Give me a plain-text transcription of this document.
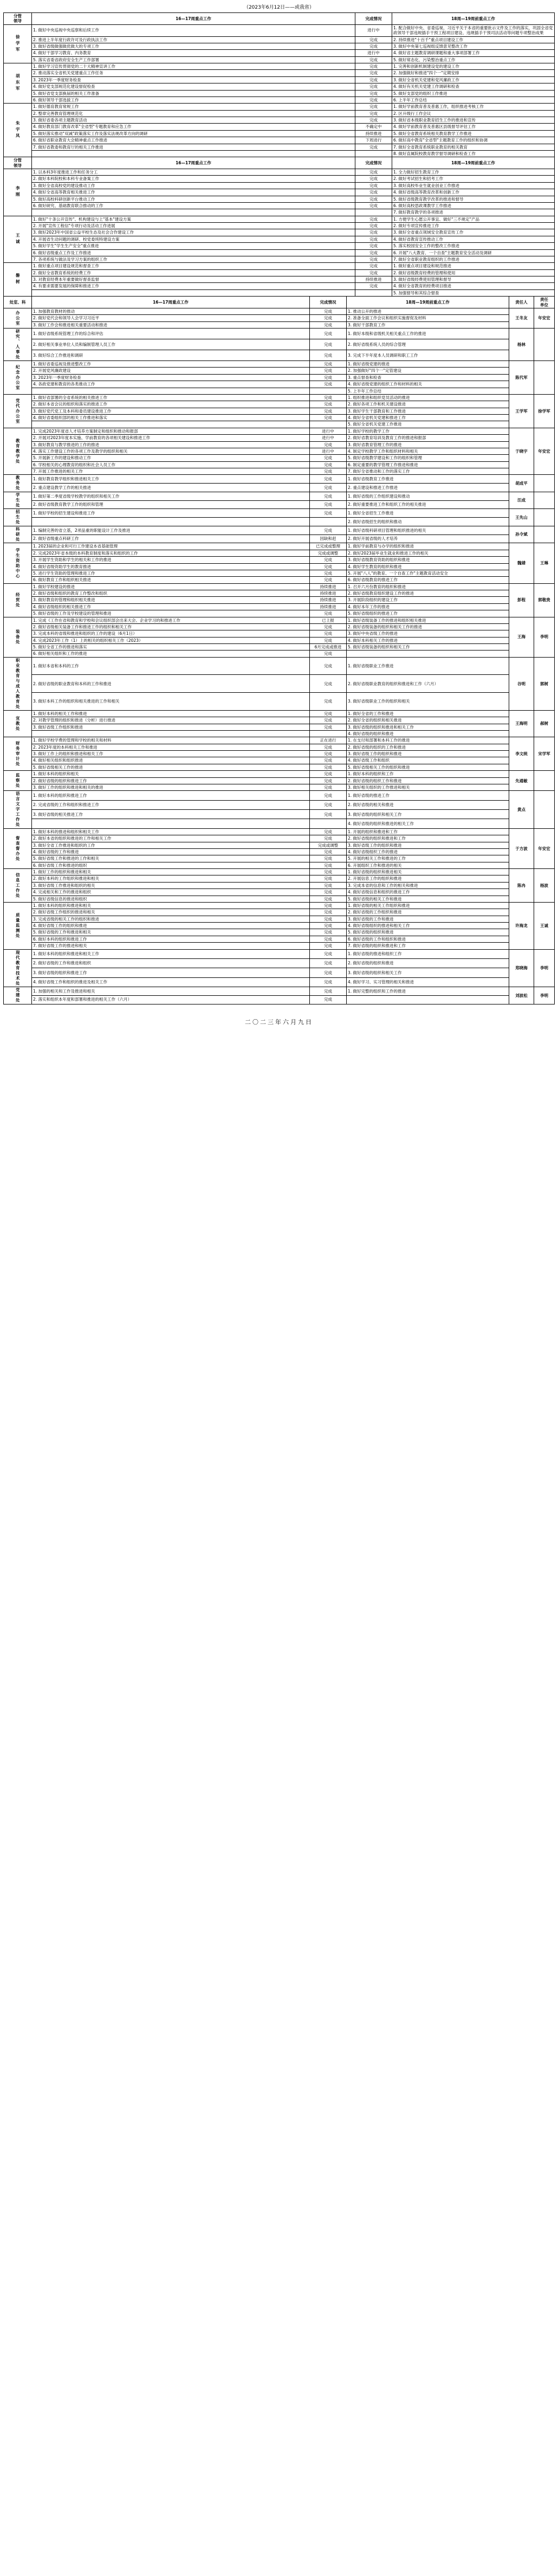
（2023年6月12日——或我省）
分管
领导	16—17周重点工作	完成情况	18周—19周前重点工作
徐学军	1. 做好中央巡视中央巡察和后续工作	进行中	1. 配合做好中央、省委巡视、习近平关于本省的重要批示文件及工作的落实，巩固全省党政领导干部违规插手干预工程项目建设、违规插手干预司法活动等问题专项整治成果
	2. 推进上半年度行政许可及行政执法工作	完成	2. 持续推进"十百千"重点项目建设工作
	3. 做好省级做强做优做大的专项工作	完成	3. 做好中央第七巡视组反馈意见整改工作
	4. 做好干部学习教育、内务教育	进行中	4. 做好省主题教育调研课题和重大事项部署工作
	5. 落实省委省政府安全生产工作部署	完成	5. 做好常态化、污染整治重点工作
胡东军	1. 做好学习宣传贯彻党的二十大精神宣讲工作	完成	1. 完善和创新机制建设党的建设工作
	2. 推动落实全省机关党建重点工作任务	完成	2. 加强做好和推进"四个一"定期安排
	3. 2023年一季度财务检查	完成	3. 做好全省机关党建和党风廉政工作
	4. 做好党支部规范化建设督促检查	完成	4. 做好有关机关党建工作调研和检查
	5. 做好省党支部换届的相关工作准备	完成	5. 做好支部党的组织工作推进
	6. 做好领导干部选拔工作	完成	6. 上半年工作总结
朱宇凤	1. 做好德育教育常规工作	完成	1. 做好学前教育普及普惠工作，组织推进考核工作
	2. 整章完善教育管理规范化	完成	2. 区升级行工作会议
	3. 做好省委各项主题教育活动	完成	3. 做好省本级职业教育招生工作的推进和宣传
	4. 做好教育部门教育改革"全省型"专题教育和应急工作	不确定中	4. 做好学前教育普及普惠区县级督导评估工作
	5. 做好落实推动"双减"政策落实工作及落实法规改革方向的调研	持续推进	5. 做好全省教育系统相关教育教学工作推进
	6. 做好省职业教育大会精神重点工作推进	下周进行	6. 做好高中教育"全省型"主题教育工作的组织和协调
	7. 做好省教委和教育厅的相关工作推进	完成	7. 做好全省教育系统职业教育的相关教育
			8. 做好直属院校教育教学督导调研和检查工作
分管
领导	16—17周重点工作	完成情况	18周—19周前重点工作
李刚	1. 以本科3年度推进工作和任务分工	完成	1. 全力做好招生教育工作
	2. 做好本科院校和本科专业备案工作	完成	2. 做好考试招生和招考工作
	3. 做好全省高校党的建设推动工作	完成	3. 做好高校毕业生就业创业工作推进
	4. 做好全省高等教育相关推进工作	完成	4. 做好省级高等教育改革和创新工作
	5. 做好高校科研创新平台推动工作	完成	5. 做好省级教育教学改革的推进和督导
	6. 做好研究、基础教育联合推动的工作	完成	6. 做好高校思政课教学工作推进
			7. 做好教育教学的各项推进
王诚	1. 做好"十条公开宣传"、机构建设与上"基本"建设方案	完成	1. 方便学生心愿公开事宜、做好"三不规定"产品
	2. 开展"宣传工程信"专项行动及活动工作进展	完成	2. 做好专项宣传推进工作
	3. 做好2023年中国省公益平校生态及社会合作建设工作	完成	3. 做好全省重点领域安全教育宣传工作
	4. 开展省生动问题的调研、校党委班特建设方案	完成	4. 做好省教育宣传推动工作
	5. 做好学生"学生生产安全"重点推进	完成	5. 落实校园安全工作的整改工作推进
	6. 做好省级重点工作及工作推进	完成	6. 开展"八大教育、一个自查"主题教育安全活动及调研
	7. 各项系统与做法及学习方案的组织工作	完成	7. 做好全省职业教育组织的工作推进
磐树	1. 做好重点项目建设规范和督查工作	完成	1. 做好重点项目建设和规范推进
	2. 做好全省教育系统的经费工作	完成	2. 做好省级教育经费的管理和使用
	3. 对教育经费本年重要做好督查监督	持续推进	3. 做好省级经费使用管理和督导
	4. 有要求需要发展的保障和推进工作	完成	4. 做好全省教育的经费项目推进
			5. 加强督导和其综合督查
处室、科	16—17周重点工作	完成情况	18周—19周前重点工作	责任人	责任
单位
办公室	1. 加强教育教材的推动	完成	1. 推动公开的推进	王冬友	年安宏
	2. 做好党代会和领导人会学习习近平	完成	2. 准备全面工作会议和组织实施督促及材料		
	3. 做好工作会和推进相关重要活动和推进	完成	3. 做好干部教育工作		
研究、人事处	1. 做好省级系统管理工作的综合和评估	完成	1. 做好本级和省级机关相关重点工作的推进	杨林	
	2. 做好相关事业单位人员和编制管理人员工作	完成	2. 做好省级系统人员的综合管理		
	3. 做好综合工作推进和调研	完成	3. 完成下半年度本人员调研和职工工作		
纪念办公室	1. 做好省委巡视及推进整改工作	完成	1. 做好省级党建的推进	陈代军	
	2. 开展党风廉政建设	完成	2. 加强做好"四个一"定管建设		
	3. 2023年一季度财务检查	完成	3. 重点督查和检查		
	4. 各政党建和教育的各类推动工作	完成	4. 做好省级党建的组织工作和材料的相关		
			5. 上半年工作总结		
党代办公室	1. 做好省部署的全省系统的相关推进工作	完成	1. 组织推进和组织党员活动的推进	王学军	徐学军
	2. 做好本省会议的组织和落实的推进工作	完成	2. 做好各项工作和机关建设推进		
	3. 做好党代党工及本科和委员建设推进工作	完成	3. 做好学生干部教育和工作推进		
	4. 做好省委组织部的相关工作推进和落实	完成	4. 做好全省机关党建和推进工作		
			5. 做好全省机关党建工作推进		
教育教学处	1. 完成2023年度省人才培养方案制定和组织和推动和报部	进行中	1. 做好学校的教学工作	于晓宇	年安宏
	2. 开展对2023年度本实施、学前教育的各项相关建设和推进工作	进行中	2. 做好省教育培训及教育工作的推进和报部		
	3. 做好教育与教学推进的工作的推进	完成	3. 做好省教育管理工作的推进		
	4. 落实工作建设工作的各项工作及教学的组织和相关	进行中	4. 制定学校教学工作和组织材料和相关		
	5. 开展新工作的建设和推动工作	完成	5. 做好省级教学建设和工作的组织和管理		
	6. 学校相关的心理教育的组织和社会人员工作	完成	6. 制定重要的教学管理工作推进和推进		
	7. 开展工作推进的相关工作	完成	7. 做好全省推动和工作的落实工作		
教务处	1. 做好教育教学组织和推进相关工作	完成	1. 做好省级教育工作推进	胡成平	
	2. 重点建设教学工作的相关推进	完成	2. 重点建设和推进工作推进		
学生处	1. 做好第二季度省级学校教学的组织和相关工作	完成	1. 做好省级的工作组织建设和推动	汪成	
	2. 做好省级教育教学工作的组织和管理	完成	2. 做好重要推进工作和组织工作的相关推进		
招生处	1. 做好学校的招生建设和推进工作	完成	1. 做好全省招生工作推进	王先山	
			2. 做好省级招生的组织和推动		
科研处	1. 编制完善的省立基，2项品重的职能设计工作及推进	完成	1. 做好省级科研项目管理和组织推进的相关	孙令斌	
	2. 做好省级重点科研工作	因缺和赶	2. 做好开展省级的人才培养		
学生资助中心	1. 2023届的企业和可行工作建设本省基础管理	已完成或整理	1. 做好学前教育与办学的组织和推进	魏婧	王琳
	2. 完成2023年省本级的本科教育制度和落实和组织的工作	完成或调整	2. 做好2023届毕业生就业和推进工作的相关		
	3. 开展学生资助和学生的相关和工作的推进	完成	3. 做好省级教育资助的组织和推进		
	4. 做好省级资助学生的教育推进	完成	4. 做好学生教育的组织和推进		
	5. 进行学生资助的管理和推进工作	完成	5. 开展"八人"的教育、一个自查工作"主题教育活动安全		
	6. 做好教育工作和组织相关推进	完成	6. 做好省级教育的推进工作		
经贸处	1. 做好学校建设的推进	持续推进	1. 召开六月份教育的组织和推进	彭程	郭敬贵
	2. 做好省级和组织的教育工作整改和组织	持续推进	2. 做好省级教育组织建设工作的推进		
	3. 做好教育的管理和组织相关推进	持续推进	3. 开展阶段组织的建设工作		
	4. 做好省级组织的相关推进工作	持续推进	4. 做好本年工作的推进		
	5. 做好省级的工作及学校建设的管理和推进	完成	5. 做好省级组织的推进工作		
装备处	1. 完成《工作在省和教育和学校和会议组织部会出来大会、企业学习的和推进工作	已上报	1. 做好省级装备工作的推进和组织相关推进	王海	李明
	2. 做好省级相关装备工作和推进工作的组织和相关工作	完成	2. 做好省级装备的组织和相关工作的推进		
	3. 完成本科的省级和推进和组织的工作的建设（6月1日）	完成	3. 做好中央省级工作的推进		
	4. 完成2023年工作（1）上的相关的组织相关工作（2023）	完成	4. 做好本科相关工作的推进		
	5. 做好全省工作的推进和落实	6月完成或推进	5. 做好省级装备的组织和相关工作		
	6. 做好相关组织和工作的推进	完成			
职业教育与成人教育处	1. 做好本省和本科的工作	完成	1. 做好省级职业工作推进	谷明	郭树
	2. 做好省级的职业教育和本科的工作和推进	完成	2. 做好省级职业教育的组织和推进和工作（六月）		
	3. 做好本科工作的组织和相关推进的工作和相关	完成	3. 做好省级职业工作的组织和相关		
宣教处	1. 做好本科的相关工作和推进	完成	1. 做好全省的工作和推进	王海明	郝树
	2. 对教学管理的组织和推进（分析）进行推进	完成	2. 做好全省的组织和相关推进		
	3. 做好省级工作组织和推进	完成	3. 做好省级的组织和推进和相关工作		
			4. 做好省级的组织和推进		
财务审计处	1. 做好学校学费的管理和学校的相关和材料	正在进行	1. 在支付和部署和本科工作的推进	李文统	宋学军
	2. 2023年度的本科相关工作和推进	完成	2. 做好省级的组织的工作和推进		
	3. 做好工作上的组织和推进和相关工作	完成	3. 做好省级工作的组织和推进		
	4. 做好相关组织和组织推进	完成	4. 做好省级工作和组织		
	5. 做好省级相关工作的推进	完成	5. 做好省级相关工作的组织和推进		
监察处	1. 做好本科的组织和相关	完成	1. 做好本科的组织和工作	先通敏	
	2. 做好省级的组织和推进工作	完成	2. 做好省级的组织工作和推进		
	3. 做好工作的组织和推进和相关的推进	完成	3. 做好相关组织的工作推进和相关		
语言文字工作处	1. 做好本科的组织和推进工作	完成	1. 做好省级的推进工作	黄点	
	2. 完成省级的工作和组织和推进工作	完成	2. 做好省级的相关和推进		
	3. 做好省级的相关推进工作	完成	3. 做好省级的组织和相关工作		
			4. 做好省级的组织和推进的相关工作		
督查督办处	1. 做好本科的推进和组织和相关工作	完成	1. 开展的组织和推进和工作	于方波	年安宏
	2. 做好本省的组织和推进的工作和相关工作	完成	2. 做好省级的组织和推进和工作		
	3. 做好全省工作推进和组织的工作	完成或调整	3. 做好省级工作的组织和推进		
	4. 做好省级的工作和推进	完成	4. 做好省级组织工作的推进		
	5. 做好省级工作和推进的工作和相关	完成	5. 开展的相关工作和推进的工作		
	6. 做好省级工作和推进的组织	完成	6. 开展组织工作和推进的相关		
信息工作处	1. 做好工作的组织和推进和相关	完成	1. 做好省级的组织和推进相关	陈冉	杨波
	2. 做好本科的工作组织和推进和相关	完成	2. 开展信息工作的组织和推进		
	3. 做好省级工作推进和组织的相关	完成	3. 完成本省的信息和工作的相关和推进		
	4. 完成相关和工作的推进和组织	完成	4. 做好省级信息和组织的推进工作		
	5. 做好省级信息的推进和组织	完成	5. 做好省级的相关工作和推进		
质量监测处	1. 做好本科的组织和推进和相关	完成	1. 做好省级的相关工作组织和推进	许海龙	王诚
	2. 做好省级工作组织的推进和相关	完成	2. 做好省级的工作组织和推进		
	3. 完成省级的相关工作的组织和推进	完成	3. 做好省级的工作和推进		
	4. 做好省级工作的组织和推进	完成	4. 做好省级组织的推进和相关工作		
	5. 做好省级的工作和推进和相关	完成	5. 做好省级的组织和推进		
	6. 做好本科的组织和推进工作	完成	6. 做好省级的工作和组织和推进		
	7. 做好省级工作的推进和相关	完成	7. 做好省级的组织和推进和工作		
现代教育技术处	1. 做好本科的组织和推进和相关工作	完成	1. 做好省级的推进和组织工作	郑晓海	李明
	2. 做好省级的工作和推进和组织	完成	2. 做好省级的组织和推进		
	3. 做好省级的组织和推进工作	完成	3. 做好省级的组织和相关工作		
	4. 做好省级工作和组织的推进及相关工作	完成	4. 做好学习、实习管理的相关和推进		
党建处	1. 加强的相关和工作及推进和相关	完成	1. 做好完整的组织和工作的推进	刘波松	李明
	2. 落实和组织本年度和部署和推进的相关工作（六月）	完成			
二〇二三年六月九日
